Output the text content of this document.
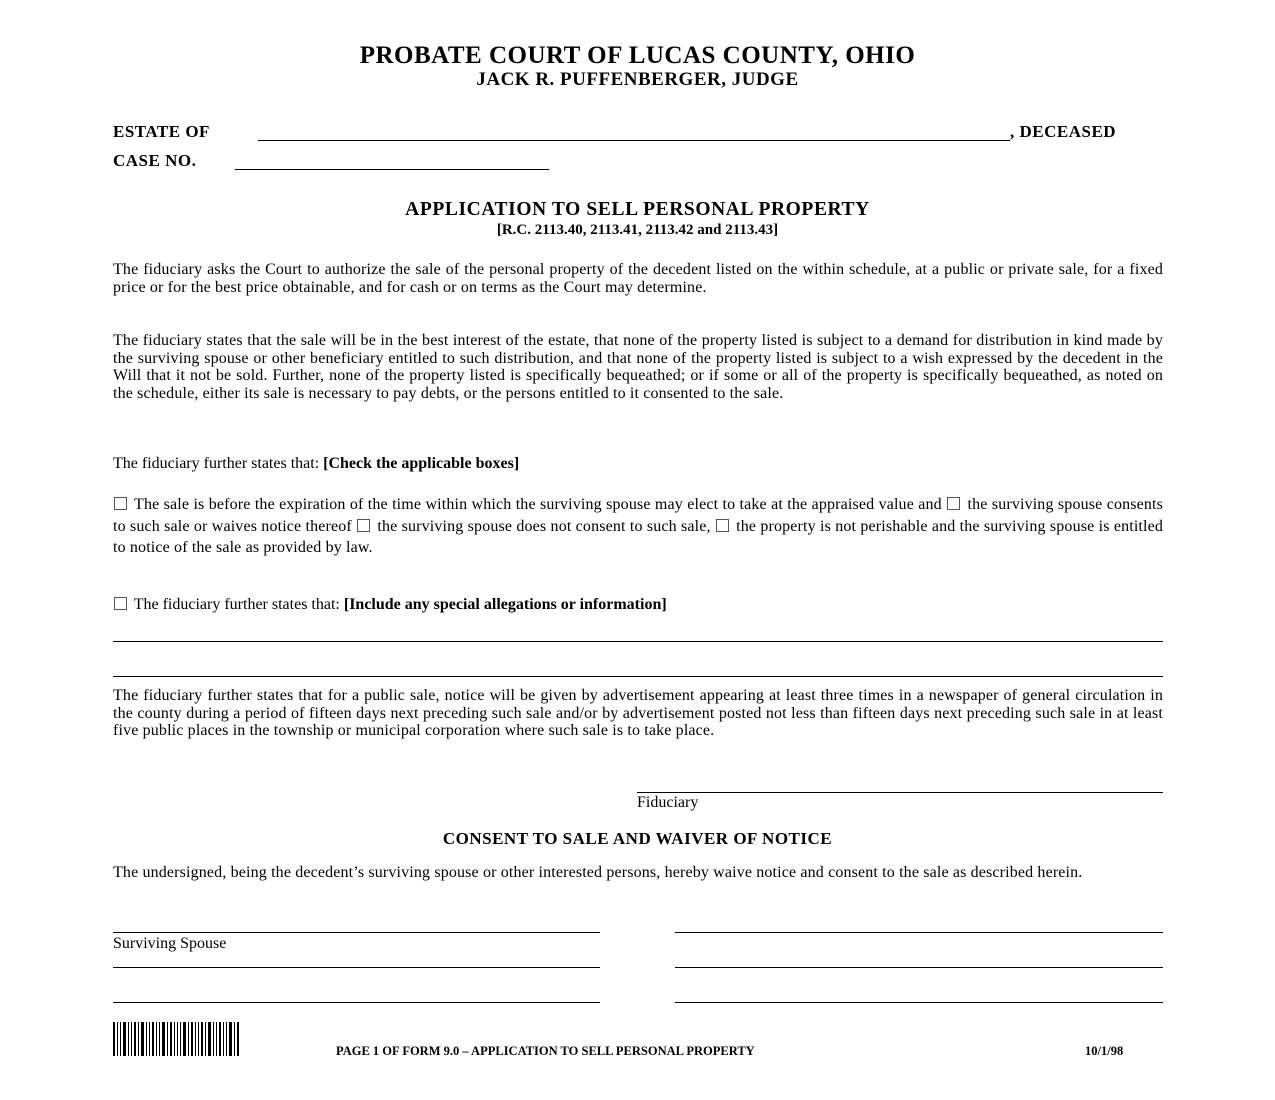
PROBATE COURT OF LUCAS COUNTY, OHIO
JACK R. PUFFENBERGER, JUDGE
ESTATE OF	, DECEASED
CASE NO.
APPLICATION TO SELL PERSONAL PROPERTY
[R.C. 2113.40, 2113.41, 2113.42 and 2113.43]
The fiduciary asks the Court to authorize the sale of the personal property of the decedent listed on the within schedule, at a public or private sale, for a fixed price or for the best price obtainable, and for cash or on terms as the Court may determine.
The fiduciary states that the sale will be in the best interest of the estate, that none of the property listed is subject to a demand for distribution in kind made by the surviving spouse or other beneficiary entitled to such distribution, and that none of the property listed is subject to a wish expressed by the decedent in the Will that it not be sold. Further, none of the property listed is specifically bequeathed; or if some or all of the property is specifically bequeathed, as noted on the schedule, either its sale is necessary to pay debts, or the persons entitled to it consented to the sale.
The fiduciary further states that: [Check the applicable boxes]
The sale is before the expiration of the time within which the surviving spouse may elect to take at the appraised value and the surviving spouse consents to such sale or waives notice thereof the surviving spouse does not consent to such sale, the property is not perishable and the surviving spouse is entitled to notice of the sale as provided by law.
The fiduciary further states that: [Include any special allegations or information]
The fiduciary further states that for a public sale, notice will be given by advertisement appearing at least three times in a newspaper of general circulation in the county during a period of fifteen days next preceding such sale and/or by advertisement posted not less than fifteen days next preceding such sale in at least five public places in the township or municipal corporation where such sale is to take place.
Fiduciary
CONSENT TO SALE AND WAIVER OF NOTICE
The undersigned, being the decedent’s surviving spouse or other interested persons, hereby waive notice and consent to the sale as described herein.
Surviving Spouse
PAGE 1 OF FORM 9.0 – APPLICATION TO SELL PERSONAL PROPERTY	10/1/98
